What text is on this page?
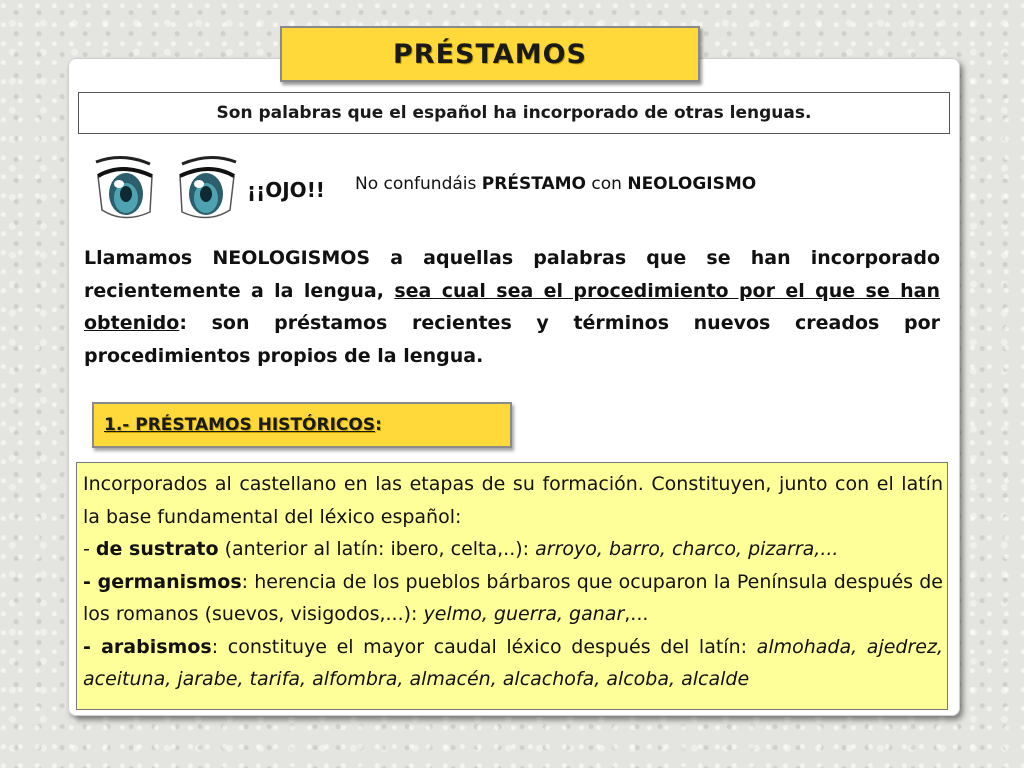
PRÉSTAMOS
Son palabras que el español ha incorporado de otras lenguas.
¡¡OJO!! No confundáis PRÉSTAMO con NEOLOGISMO
Llamamos NEOLOGISMOS a aquellas palabras que se han incorporado recientemente a la lengua, sea cual sea el procedimiento por el que se han obtenido: son préstamos recientes y términos nuevos creados por procedimientos propios de la lengua.
1.- PRÉSTAMOS HISTÓRICOS :

Incorporados al castellano en las etapas de su formación. Constituyen, junto con el latín la base fundamental del léxico español:

- de sustrato (anterior al latín: ibero, celta,..): arroyo, barro, charco, pizarra,...

- germanismos: herencia de los pueblos bárbaros que ocuparon la Península después de los romanos (suevos, visigodos,...): yelmo, guerra, ganar,...

- arabismos: constituye el mayor caudal léxico después del latín: almohada, ajedrez, aceituna, jarabe, tarifa, alfombra, almacén, alcachofa, alcoba, alcalde
